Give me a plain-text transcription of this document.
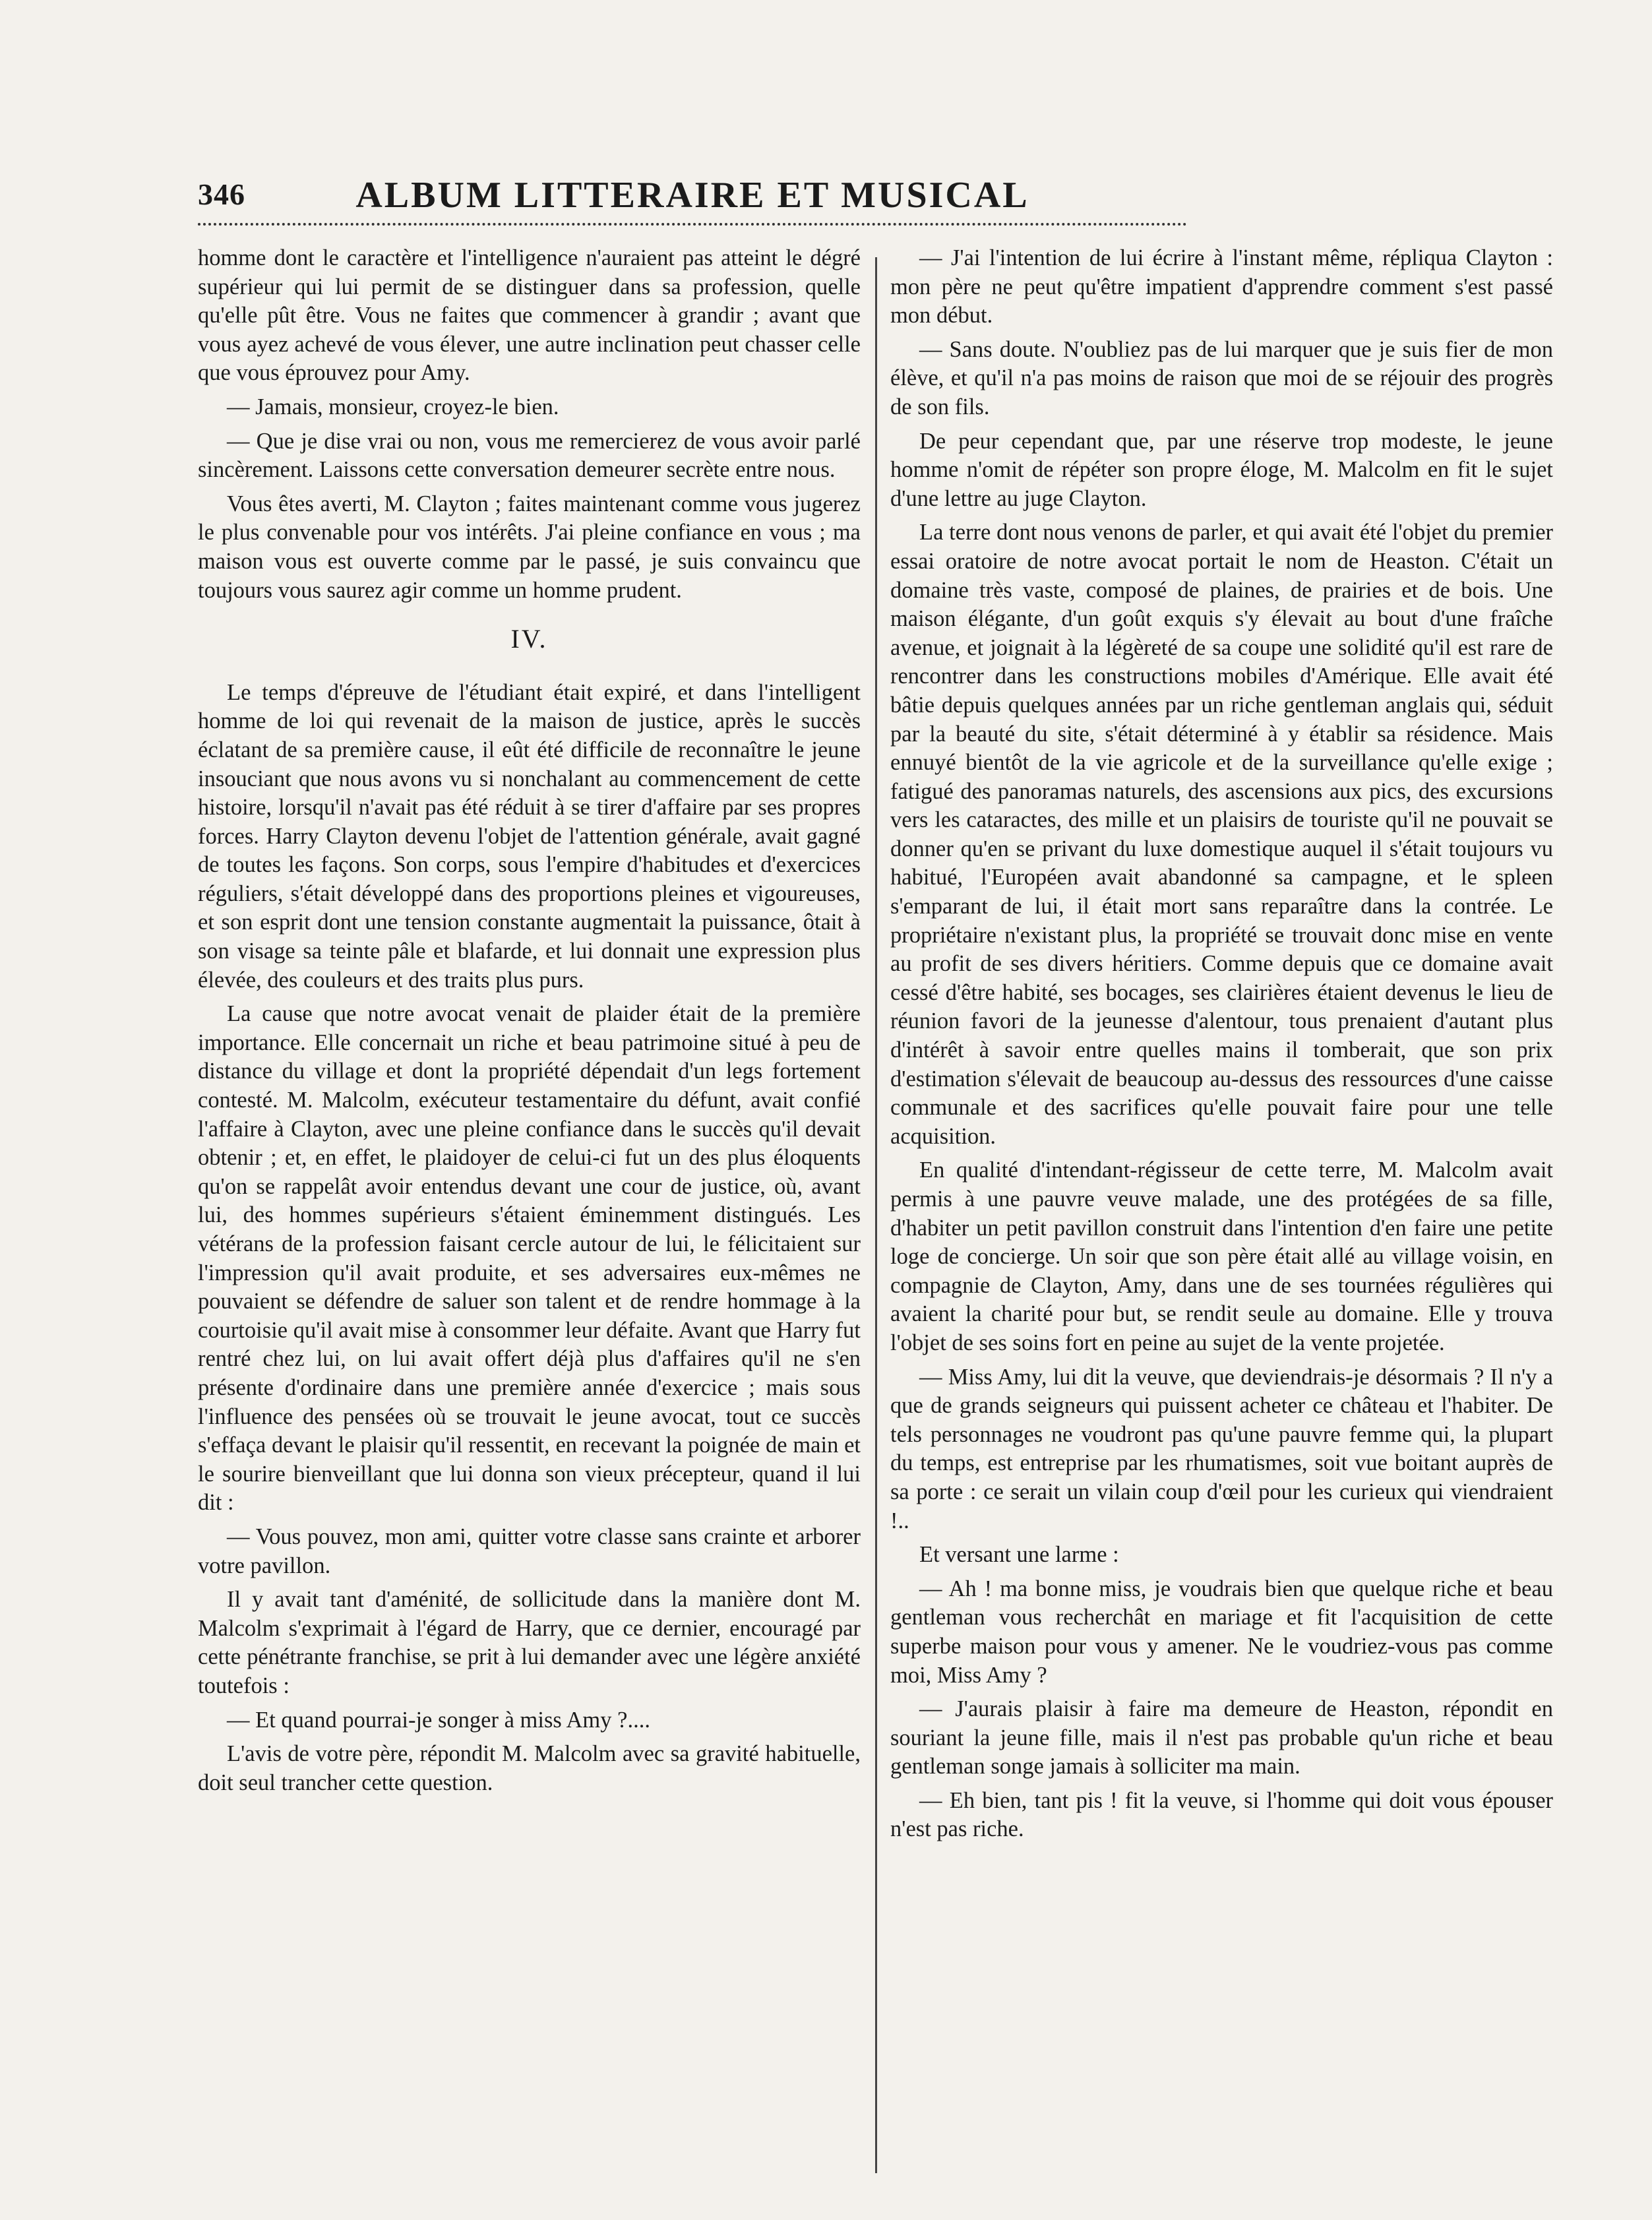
346	ALBUM LITTERAIRE ET MUSICAL

homme dont le caractère et l'intelligence n'auraient pas atteint le dégré supérieur qui lui permit de se distinguer dans sa profession, quelle qu'elle pût être. Vous ne faites que commencer à grandir ; avant que vous ayez achevé de vous élever, une autre inclination peut chasser celle que vous éprouvez pour Amy.

— Jamais, monsieur, croyez-le bien.

— Que je dise vrai ou non, vous me remercierez de vous avoir parlé sincèrement. Laissons cette conversation demeurer secrète entre nous.

Vous êtes averti, M. Clayton ; faites maintenant comme vous jugerez le plus convenable pour vos intérêts. J'ai pleine confiance en vous ; ma maison vous est ouverte comme par le passé, je suis convaincu que toujours vous saurez agir comme un homme prudent.

IV.

Le temps d'épreuve de l'étudiant était expiré, et dans l'intelligent homme de loi qui revenait de la maison de justice, après le succès éclatant de sa première cause, il eût été difficile de reconnaître le jeune insouciant que nous avons vu si nonchalant au commencement de cette histoire, lorsqu'il n'avait pas été réduit à se tirer d'affaire par ses propres forces. Harry Clayton devenu l'objet de l'attention générale, avait gagné de toutes les façons. Son corps, sous l'empire d'habitudes et d'exercices réguliers, s'était développé dans des proportions pleines et vigoureuses, et son esprit dont une tension constante augmentait la puissance, ôtait à son visage sa teinte pâle et blafarde, et lui donnait une expression plus élevée, des couleurs et des traits plus purs.

La cause que notre avocat venait de plaider était de la première importance. Elle concernait un riche et beau patrimoine situé à peu de distance du village et dont la propriété dépendait d'un legs fortement contesté. M. Malcolm, exécuteur testamentaire du défunt, avait confié l'affaire à Clayton, avec une pleine confiance dans le succès qu'il devait obtenir ; et, en effet, le plaidoyer de celui-ci fut un des plus éloquents qu'on se rappelât avoir entendus devant une cour de justice, où, avant lui, des hommes supérieurs s'étaient éminemment distingués. Les vétérans de la profession faisant cercle autour de lui, le félicitaient sur l'impression qu'il avait produite, et ses adversaires eux-mêmes ne pouvaient se défendre de saluer son talent et de rendre hommage à la courtoisie qu'il avait mise à consommer leur défaite. Avant que Harry fut rentré chez lui, on lui avait offert déjà plus d'affaires qu'il ne s'en présente d'ordinaire dans une première année d'exercice ; mais sous l'influence des pensées où se trouvait le jeune avocat, tout ce succès s'effaça devant le plaisir qu'il ressentit, en recevant la poignée de main et le sourire bienveillant que lui donna son vieux précepteur, quand il lui dit :

— Vous pouvez, mon ami, quitter votre classe sans crainte et arborer votre pavillon.

Il y avait tant d'aménité, de sollicitude dans la manière dont M. Malcolm s'exprimait à l'égard de Harry, que ce dernier, encouragé par cette pénétrante franchise, se prit à lui demander avec une légère anxiété toutefois :

— Et quand pourrai-je songer à miss Amy ?....

L'avis de votre père, répondit M. Malcolm avec sa gravité habituelle, doit seul trancher cette question.

— J'ai l'intention de lui écrire à l'instant même, répliqua Clayton : mon père ne peut qu'être impatient d'apprendre comment s'est passé mon début.

— Sans doute. N'oubliez pas de lui marquer que je suis fier de mon élève, et qu'il n'a pas moins de raison que moi de se réjouir des progrès de son fils.

De peur cependant que, par une réserve trop modeste, le jeune homme n'omit de répéter son propre éloge, M. Malcolm en fit le sujet d'une lettre au juge Clayton.

La terre dont nous venons de parler, et qui avait été l'objet du premier essai oratoire de notre avocat portait le nom de Heaston. C'était un domaine très vaste, composé de plaines, de prairies et de bois. Une maison élégante, d'un goût exquis s'y élevait au bout d'une fraîche avenue, et joignait à la légèreté de sa coupe une solidité qu'il est rare de rencontrer dans les constructions mobiles d'Amérique. Elle avait été bâtie depuis quelques années par un riche gentleman anglais qui, séduit par la beauté du site, s'était déterminé à y établir sa résidence. Mais ennuyé bientôt de la vie agricole et de la surveillance qu'elle exige ; fatigué des panoramas naturels, des ascensions aux pics, des excursions vers les cataractes, des mille et un plaisirs de touriste qu'il ne pouvait se donner qu'en se privant du luxe domestique auquel il s'était toujours vu habitué, l'Européen avait abandonné sa campagne, et le spleen s'emparant de lui, il était mort sans reparaître dans la contrée. Le propriétaire n'existant plus, la propriété se trouvait donc mise en vente au profit de ses divers héritiers. Comme depuis que ce domaine avait cessé d'être habité, ses bocages, ses clairières étaient devenus le lieu de réunion favori de la jeunesse d'alentour, tous prenaient d'autant plus d'intérêt à savoir entre quelles mains il tomberait, que son prix d'estimation s'élevait de beaucoup au-dessus des ressources d'une caisse communale et des sacrifices qu'elle pouvait faire pour une telle acquisition.

En qualité d'intendant-régisseur de cette terre, M. Malcolm avait permis à une pauvre veuve malade, une des protégées de sa fille, d'habiter un petit pavillon construit dans l'intention d'en faire une petite loge de concierge. Un soir que son père était allé au village voisin, en compagnie de Clayton, Amy, dans une de ses tournées régulières qui avaient la charité pour but, se rendit seule au domaine. Elle y trouva l'objet de ses soins fort en peine au sujet de la vente projetée.

— Miss Amy, lui dit la veuve, que deviendrais-je désormais ? Il n'y a que de grands seigneurs qui puissent acheter ce château et l'habiter. De tels personnages ne voudront pas qu'une pauvre femme qui, la plupart du temps, est entreprise par les rhumatismes, soit vue boitant auprès de sa porte : ce serait un vilain coup d'œil pour les curieux qui viendraient !..

Et versant une larme :

— Ah ! ma bonne miss, je voudrais bien que quelque riche et beau gentleman vous recherchât en mariage et fit l'acquisition de cette superbe maison pour vous y amener. Ne le voudriez-vous pas comme moi, Miss Amy ?

— J'aurais plaisir à faire ma demeure de Heaston, répondit en souriant la jeune fille, mais il n'est pas probable qu'un riche et beau gentleman songe jamais à solliciter ma main.

— Eh bien, tant pis ! fit la veuve, si l'homme qui doit vous épouser n'est pas riche.
